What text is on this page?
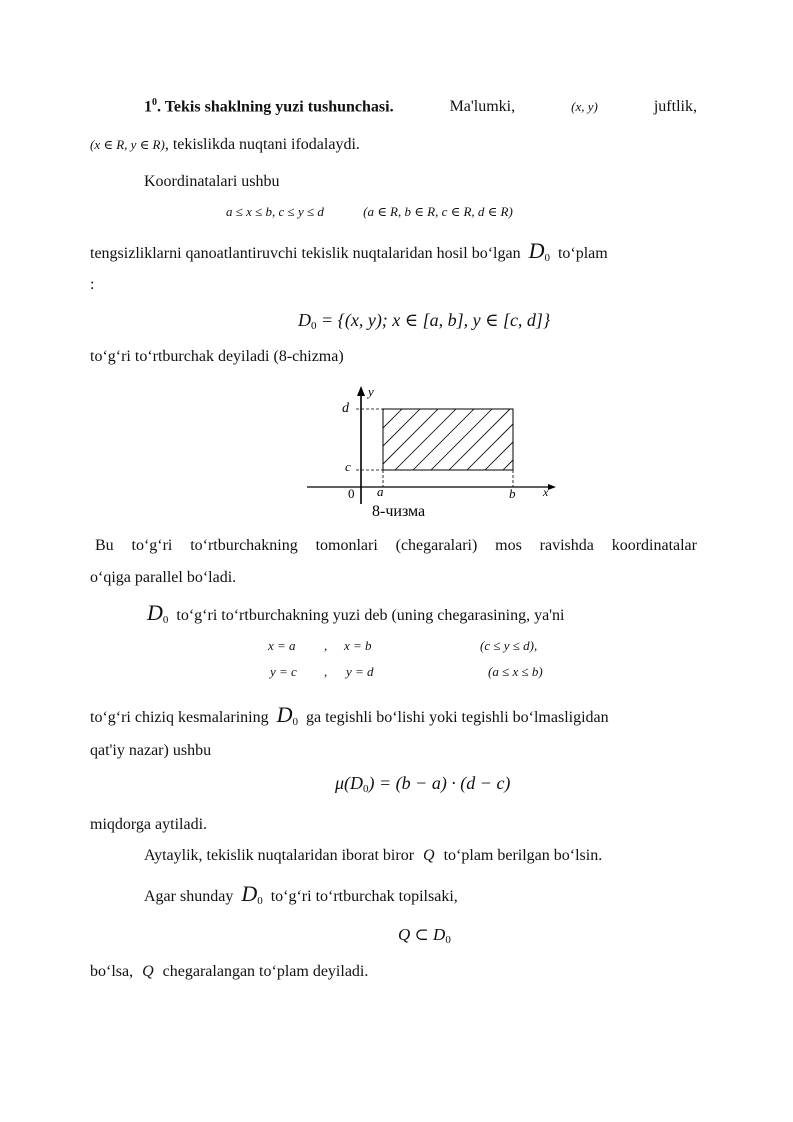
$1^0$. Tekis shaklning yuzi tushunchasi.	Ma'lumki,	(x, y)	juftlik,
(x ∈ R, y ∈ R), tekislikda nuqtani ifodalaydi.
Koordinatalari ushbu
a ≤ x ≤ b, c ≤ y ≤ d	(a ∈ R, b ∈ R, c ∈ R, d ∈ R)
tengsizliklarni qanoatlantiruvchi tekislik nuqtalaridan hosil bo‘lgan $D_0$ to‘plam
:
$D_0 = \{(x$, y); x ∈ [a, b], y ∈ [c, d]}
to‘g‘ri to‘rtburchak deyiladi (8-chizma)
y
d
c
0 a	b x
8-чизма
Bu to‘g‘ri to‘rtburchakning tomonlari (chegaralari) mos ravishda koordinatalar
o‘qiga parallel bo‘ladi.
$D_0$ to‘g‘ri to‘rtburchakning yuzi deb (uning chegarasining, ya'ni
x = a , x = b	(c ≤ y ≤ d),
y = c , y = d	(a ≤ x ≤ b)
to‘g‘ri chiziq kesmalarining $D_0$ ga tegishli bo‘lishi yoki tegishli bo‘lmasligidan
qat'iy nazar) ushbu
$\mu(D_0) = (b - a) \cdot (d - c)$
miqdorga aytiladi.
Aytaylik, tekislik nuqtalaridan iborat biror Q to‘plam berilgan bo‘lsin.
Agar shunday $D_0$ to‘g‘ri to‘rtburchak topilsaki,
Q ⊂ $D_0$
bo‘lsa, Q chegaralangan to‘plam deyiladi.
